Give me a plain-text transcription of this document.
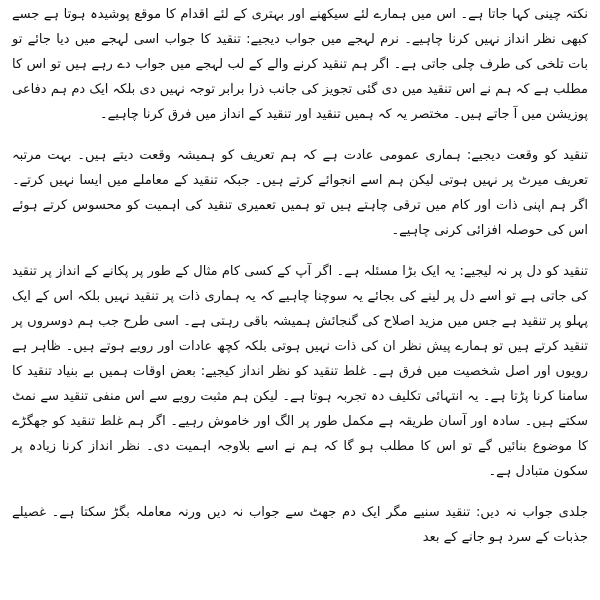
نکتہ چینی کہا جاتا ہے۔ اس میں ہمارے لئے سیکھنے اور بہتری کے لئے اقدام کا موقع پوشیدہ ہوتا ہے جسے کبھی نظر انداز نہیں کرنا چاہیے۔ نرم لہجے میں جواب دیجیے: تنقید کا جواب اسی لہجے میں دیا جائے تو بات تلخی کی طرف چلی جاتی ہے۔ اگر ہم تنقید کرنے والے کے لب لہجے میں جواب دے رہے ہیں تو اس کا مطلب ہے کہ ہم نے اس تنقید میں دی گئی تجویز کی جانب ذرا برابر توجہ نہیں دی بلکہ ایک دم ہم دفاعی پوزیشن میں آ جاتے ہیں۔ مختصر یہ کہ ہمیں تنقید اور تنقید کے انداز میں فرق کرنا چاہیے۔

تنقید کو وقعت دیجیے: ہماری عمومی عادت ہے کہ ہم تعریف کو ہمیشہ وقعت دیتے ہیں۔ بہت مرتبہ تعریف میرٹ پر نہیں ہوتی لیکن ہم اسے انجوائے کرتے ہیں۔ جبکہ تنقید کے معاملے میں ایسا نہیں کرتے۔ اگر ہم اپنی ذات اور کام میں ترقی چاہتے ہیں تو ہمیں تعمیری تنقید کی اہمیت کو محسوس کرتے ہوئے اس کی حوصلہ افزائی کرنی چاہیے۔

تنقید کو دل پر نہ لیجیے: یہ ایک بڑا مسئلہ ہے۔ اگر آپ کے کسی کام مثال کے طور پر پکانے کے انداز پر تنقید کی جاتی ہے تو اسے دل پر لینے کی بجائے یہ سوچنا چاہیے کہ یہ ہماری ذات پر تنقید نہیں بلکہ اس کے ایک پہلو پر تنقید ہے جس میں مزید اصلاح کی گنجائش ہمیشہ باقی رہتی ہے۔ اسی طرح جب ہم دوسروں پر تنقید کرتے ہیں تو ہمارے پیش نظر ان کی ذات نہیں ہوتی بلکہ کچھ عادات اور رویے ہوتے ہیں۔ ظاہر ہے رویوں اور اصل شخصیت میں فرق ہے۔ غلط تنقید کو نظر انداز کیجیے: بعض اوقات ہمیں بے بنیاد تنقید کا سامنا کرنا پڑتا ہے۔ یہ انتہائی تکلیف دہ تجربہ ہوتا ہے۔ لیکن ہم مثبت رویے سے اس منفی تنقید سے نمٹ سکتے ہیں۔ سادہ اور آسان طریقہ ہے مکمل طور پر الگ اور خاموش رہیے۔ اگر ہم غلط تنقید کو جھگڑے کا موضوع بنائیں گے تو اس کا مطلب ہو گا کہ ہم نے اسے بلاوجہ اہمیت دی۔ نظر انداز کرنا زیادہ پر سکون متبادل ہے۔

جلدی جواب نہ دیں: تنقید سنیے مگر ایک دم جھٹ سے جواب نہ دیں ورنہ معاملہ بگڑ سکتا ہے۔ غصیلے جذبات کے سرد ہو جانے کے بعد
